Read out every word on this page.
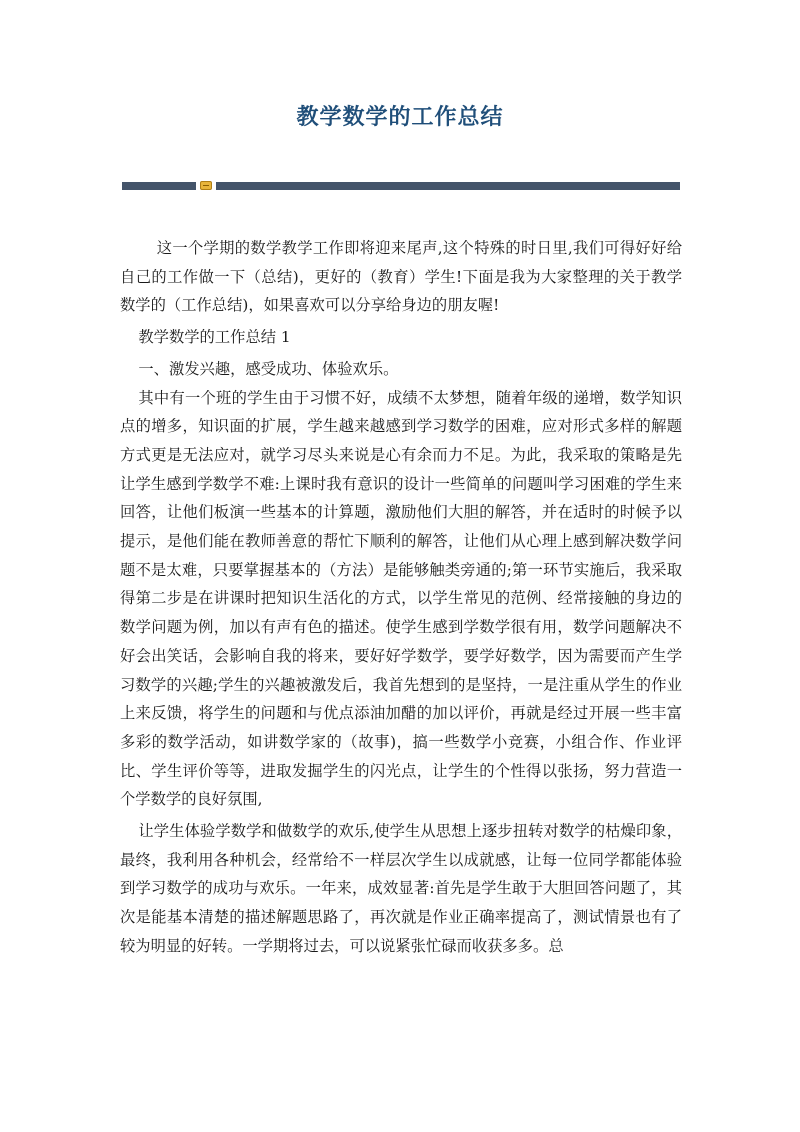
教学数学的工作总结

这一个学期的数学教学工作即将迎来尾声,这个特殊的时日里,我们可得好好给自己的工作做一下（总结)，更好的（教育）学生!下面是我为大家整理的关于教学数学的（工作总结)，如果喜欢可以分享给身边的朋友喔!

教学数学的工作总结 1

一、激发兴趣，感受成功、体验欢乐。

其中有一个班的学生由于习惯不好，成绩不太梦想，随着年级的递增，数学知识点的增多，知识面的扩展，学生越来越感到学习数学的困难，应对形式多样的解题方式更是无法应对，就学习尽头来说是心有余而力不足。为此，我采取的策略是先让学生感到学数学不难:上课时我有意识的设计一些简单的问题叫学习困难的学生来回答，让他们板演一些基本的计算题，激励他们大胆的解答，并在适时的时候予以提示，是他们能在教师善意的帮忙下顺利的解答，让他们从心理上感到解决数学问题不是太难，只要掌握基本的（方法）是能够触类旁通的;第一环节实施后，我采取得第二步是在讲课时把知识生活化的方式，以学生常见的范例、经常接触的身边的数学问题为例，加以有声有色的描述。使学生感到学数学很有用，数学问题解决不好会出笑话，会影响自我的将来，要好好学数学，要学好数学，因为需要而产生学习数学的兴趣;学生的兴趣被激发后，我首先想到的是坚持，一是注重从学生的作业上来反馈，将学生的问题和与优点添油加醋的加以评价，再就是经过开展一些丰富多彩的数学活动，如讲数学家的（故事)，搞一些数学小竞赛，小组合作、作业评比、学生评价等等，进取发掘学生的闪光点，让学生的个性得以张扬，努力营造一个学数学的良好氛围,

让学生体验学数学和做数学的欢乐,使学生从思想上逐步扭转对数学的枯燥印象，最终，我利用各种机会，经常给不一样层次学生以成就感，让每一位同学都能体验到学习数学的成功与欢乐。一年来，成效显著:首先是学生敢于大胆回答问题了，其次是能基本清楚的描述解题思路了，再次就是作业正确率提高了，测试情景也有了较为明显的好转。一学期将过去，可以说紧张忙碌而收获多多。总
